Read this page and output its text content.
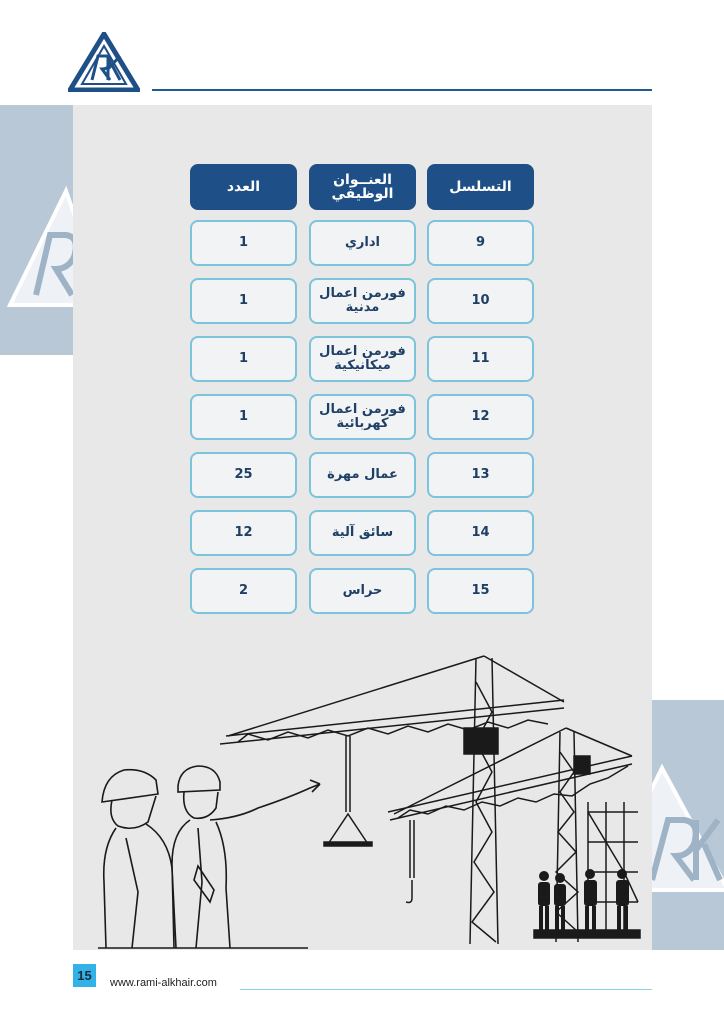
التسلسل
العنــوان الوظيفي
العدد
9
اداري
1
10
فورمن اعمال مدنية
1
11
فورمن اعمال ميكانيكية
1
12
فورمن اعمال كهربائية
1
13
عمال مهرة
25
14
سائق آلية
12
15
حراس
2
15	www.rami-alkhair.com
